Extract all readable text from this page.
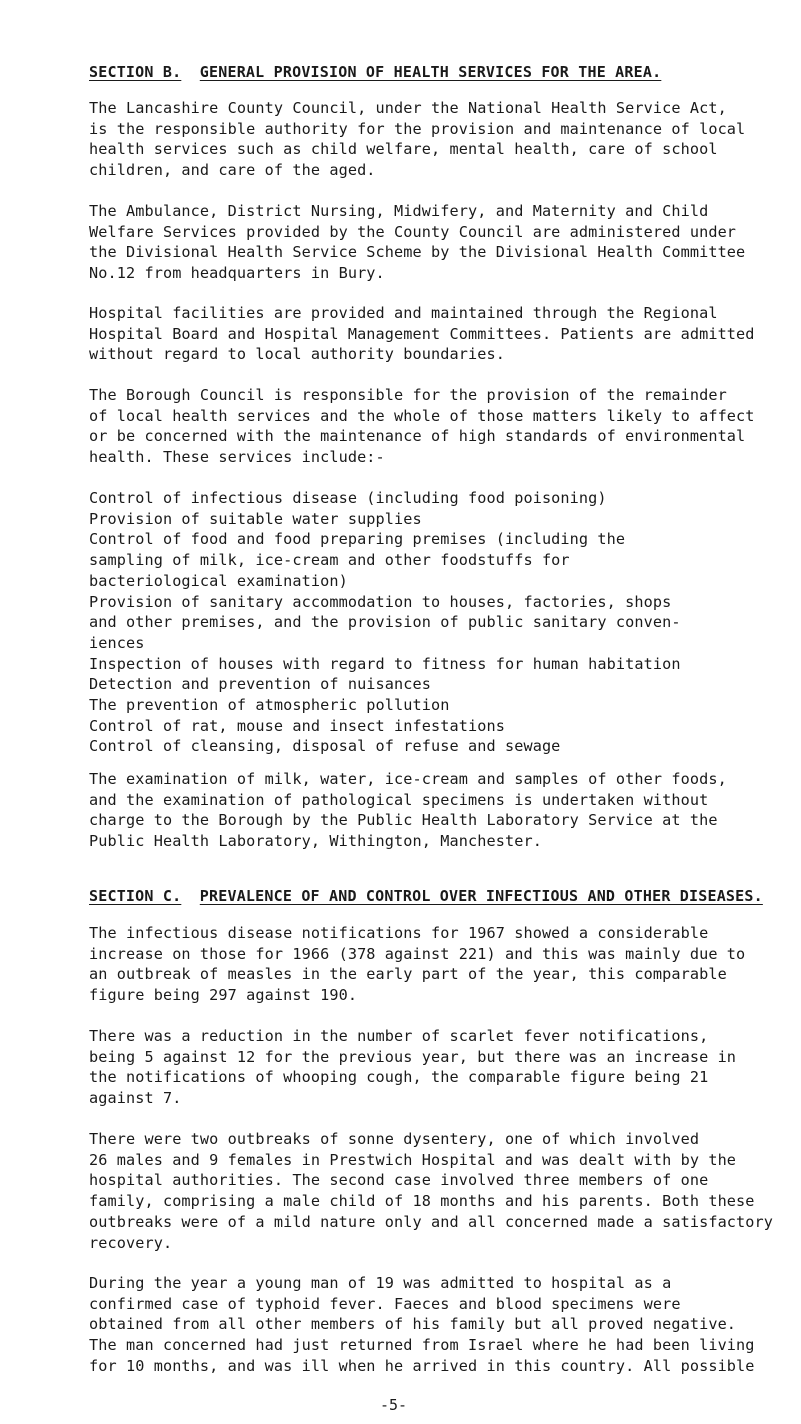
SECTION B. GENERAL PROVISION OF HEALTH SERVICES FOR THE AREA.

The Lancashire County Council, under the National Health Service Act,
is the responsible authority for the provision and maintenance of local
health services such as child welfare, mental health, care of school
children, and care of the aged.

The Ambulance, District Nursing, Midwifery, and Maternity and Child
Welfare Services provided by the County Council are administered under
the Divisional Health Service Scheme by the Divisional Health Committee
No.12 from headquarters in Bury.

Hospital facilities are provided and maintained through the Regional
Hospital Board and Hospital Management Committees. Patients are admitted
without regard to local authority boundaries.

The Borough Council is responsible for the provision of the remainder
of local health services and the whole of those matters likely to affect
or be concerned with the maintenance of high standards of environmental
health. These services include:-

Control of infectious disease (including food poisoning)
Provision of suitable water supplies
Control of food and food preparing premises (including the
sampling of milk, ice-cream and other foodstuffs for
bacteriological examination)
Provision of sanitary accommodation to houses, factories, shops
and other premises, and the provision of public sanitary conven-
iences
Inspection of houses with regard to fitness for human habitation
Detection and prevention of nuisances
The prevention of atmospheric pollution
Control of rat, mouse and insect infestations
Control of cleansing, disposal of refuse and sewage

The examination of milk, water, ice-cream and samples of other foods,
and the examination of pathological specimens is undertaken without
charge to the Borough by the Public Health Laboratory Service at the
Public Health Laboratory, Withington, Manchester.

SECTION C. PREVALENCE OF AND CONTROL OVER INFECTIOUS AND OTHER DISEASES.

The infectious disease notifications for 1967 showed a considerable
increase on those for 1966 (378 against 221) and this was mainly due to
an outbreak of measles in the early part of the year, this comparable
figure being 297 against 190.

There was a reduction in the number of scarlet fever notifications,
being 5 against 12 for the previous year, but there was an increase in
the notifications of whooping cough, the comparable figure being 21
against 7.

There were two outbreaks of sonne dysentery, one of which involved
26 males and 9 females in Prestwich Hospital and was dealt with by the
hospital authorities. The second case involved three members of one
family, comprising a male child of 18 months and his parents. Both these
outbreaks were of a mild nature only and all concerned made a satisfactory
recovery.

During the year a young man of 19 was admitted to hospital as a
confirmed case of typhoid fever. Faeces and blood specimens were
obtained from all other members of his family but all proved negative.
The man concerned had just returned from Israel where he had been living
for 10 months, and was ill when he arrived in this country. All possible

-5-
